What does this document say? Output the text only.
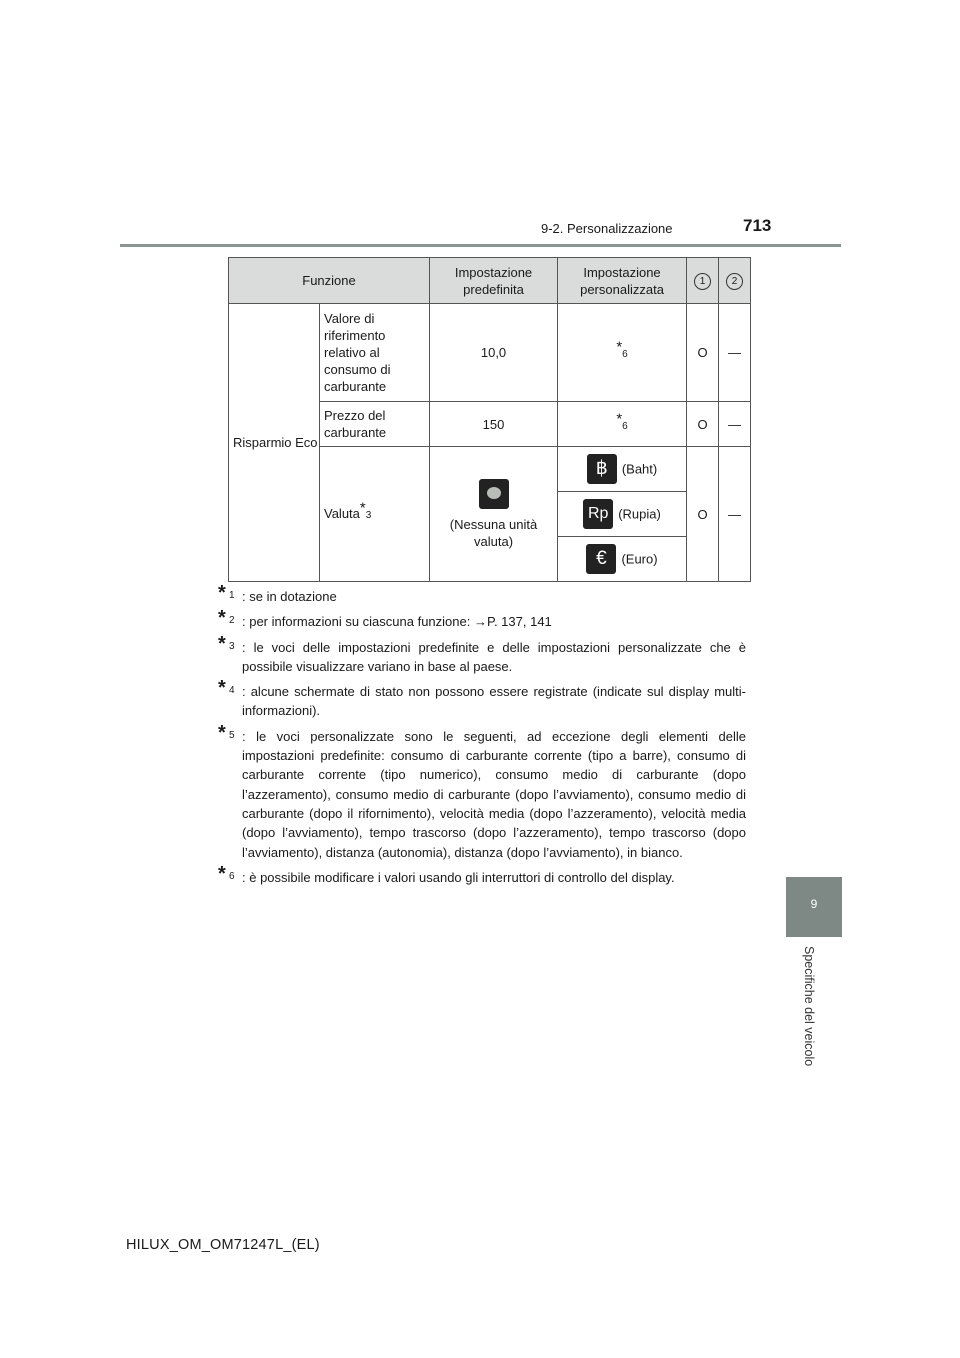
9-2. Personalizzazione	713
9
Specifiche del veicolo
Funzione		Impostazione predefinita	Impostazione personalizzata	1	2
Risparmio Eco	Valore di riferimento relativo al consumo di carburante	10,0	*6	O	—
	Prezzo del carburante	150	*6	O	—
	Valuta*3	(Nessuna unità valuta)	฿ (Baht)	O	—
			Rp (Rupia)		
			€ (Euro)		
* 1 : se in dotazione
* 2 : per informazioni su ciascuna funzione: →P. 137, 141
* 3 : le voci delle impostazioni predefinite e delle impostazioni personalizzate che è possibile visualizzare variano in base al paese.
* 4 : alcune schermate di stato non possono essere registrate (indicate sul display multi-informazioni).
* 5 : le voci personalizzate sono le seguenti, ad eccezione degli elementi delle impostazioni predefinite: consumo di carburante corrente (tipo a barre), consumo di carburante corrente (tipo numerico), consumo medio di carburante (dopo l’azzeramento), consumo medio di carburante (dopo l’avviamento), consumo medio di carburante (dopo il rifornimento), velocità media (dopo l’azzeramento), velocità media (dopo l’avviamento), tempo trascorso (dopo l’azzeramento), tempo trascorso (dopo l’avviamento), distanza (autonomia), distanza (dopo l’avviamento), in bianco.
* 6 : è possibile modificare i valori usando gli interruttori di controllo del display.
HILUX_OM_OM71247L_(EL)
